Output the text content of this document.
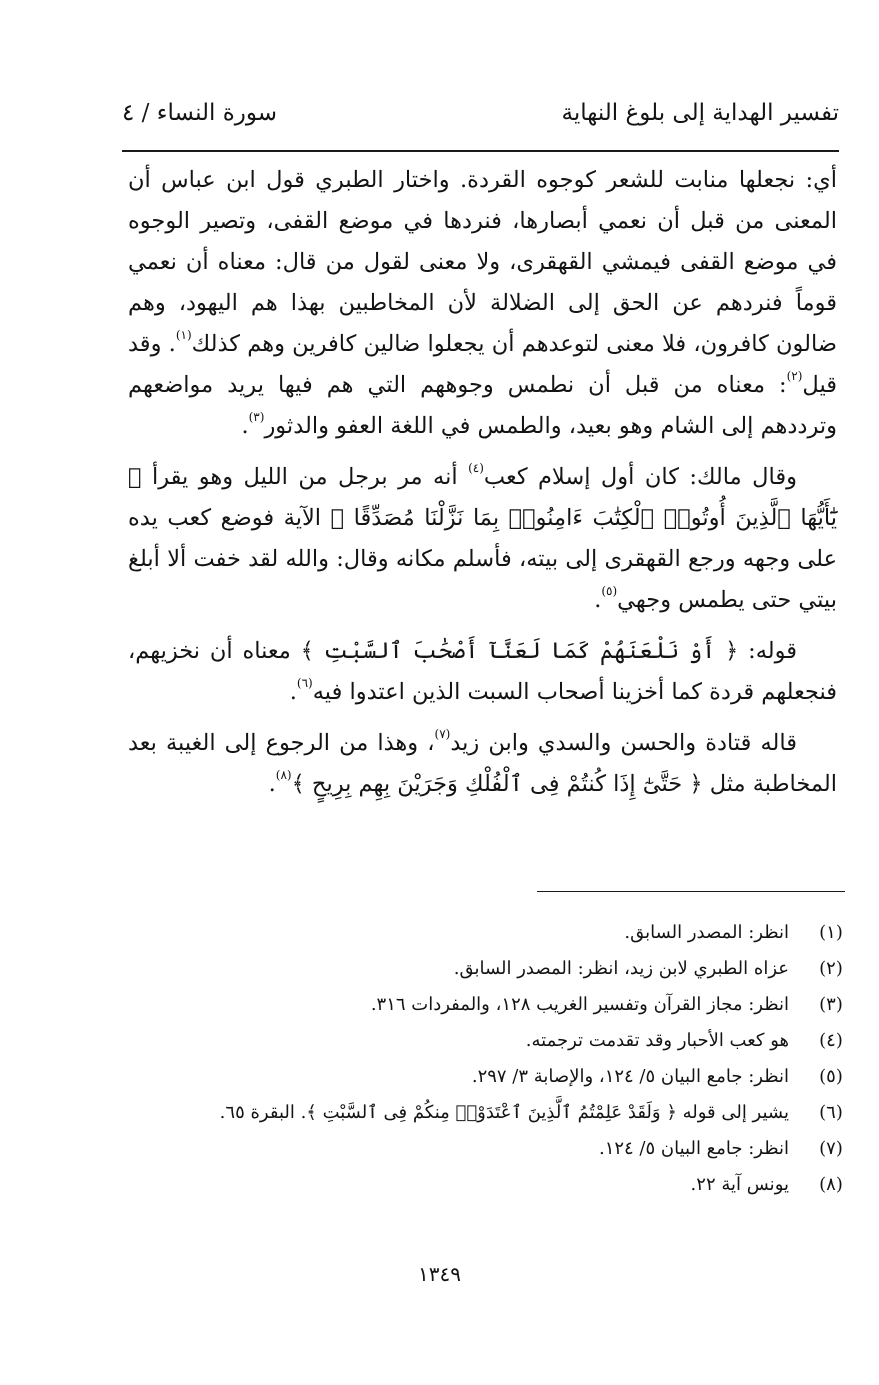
تفسير الهداية إلى بلوغ النهاية
سورة النساء / ٤

أي: نجعلها منابت للشعر كوجوه القردة. واختار الطبري قول ابن عباس أن المعنى من قبل أن نعمي أبصارها، فنردها في موضع القفى، وتصير الوجوه في موضع القفى فيمشي القهقرى، ولا معنى لقول من قال: معناه أن نعمي قوماً فنردهم عن الحق إلى الضلالة لأن المخاطبين بهذا هم اليهود، وهم ضالون كافرون، فلا معنى لتوعدهم أن يجعلوا ضالين كافرين وهم كذلك$^{(١)}$. وقد قيل$^{(٢)}$: معناه من قبل أن نطمس وجوههم التي هم فيها يريد مواضعهم وترددهم إلى الشام وهو بعيد، والطمس في اللغة العفو والدثور$^{(٣)}$.

وقال مالك: كان أول إسلام كعب$^{(٤)}$ أنه مر برجل من الليل وهو يقرأ ﴿ يَٰٓأَيُّهَا ٱلَّذِينَ أُوتُوا۟ ٱلْكِتَٰبَ ءَامِنُوا۟ بِمَا نَزَّلْنَا مُصَدِّقًا ﴾ الآية فوضع كعب يده على وجهه ورجع القهقرى إلى بيته، فأسلم مكانه وقال: والله لقد خفت ألا أبلغ بيتي حتى يطمس وجهي$^{(٥)}$.

قوله: ﴿ أَوْ نَلْعَنَهُمْ كَمَا لَعَنَّآ أَصْحَٰبَ ٱلسَّبْتِ ﴾ معناه أن نخزيهم، فنجعلهم قردة كما أخزينا أصحاب السبت الذين اعتدوا فيه$^{(٦)}$.

قاله قتادة والحسن والسدي وابن زيد$^{(٧)}$، وهذا من الرجوع إلى الغيبة بعد المخاطبة مثل ﴿ حَتَّىٰٓ إِذَا كُنتُمْ فِى ٱلْفُلْكِ وَجَرَيْنَ بِهِم بِرِيحٍ ﴾$^{(٨)}$.

(١)
انظر: المصدر السابق.
(٢)
عزاه الطبري لابن زيد، انظر: المصدر السابق.
(٣)
انظر: مجاز القرآن وتفسير الغريب ١٢٨، والمفردات ٣١٦.
(٤)
هو كعب الأحبار وقد تقدمت ترجمته.
(٥)
انظر: جامع البيان ٥/ ١٢٤، والإصابة ٣/ ٢٩٧.
(٦)
يشير إلى قوله ﴿ وَلَقَدْ عَلِمْتُمُ ٱلَّذِينَ ٱعْتَدَوْا۟ مِنكُمْ فِى ٱلسَّبْتِ ﴾. البقرة ٦٥.
(٧)
انظر: جامع البيان ٥/ ١٢٤.
(٨)
يونس آية ٢٢.
١٣٤٩
